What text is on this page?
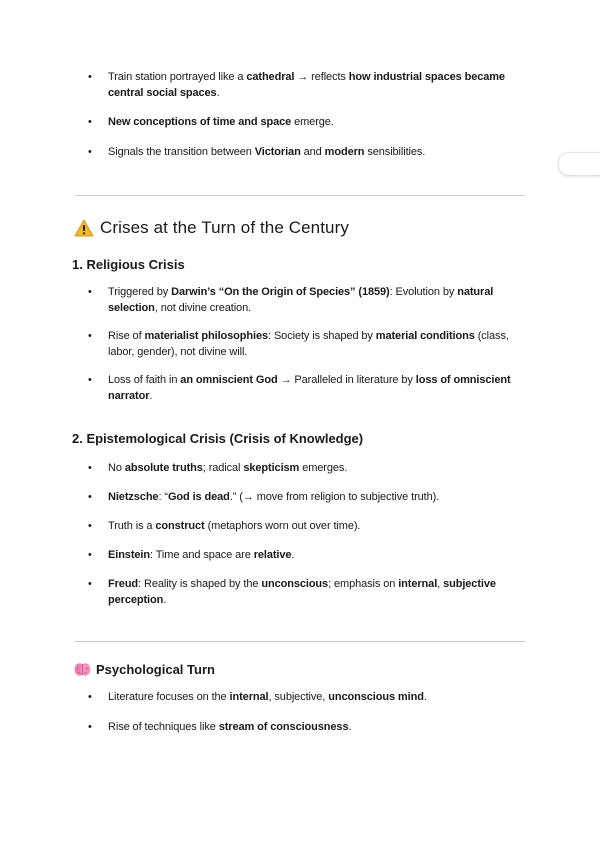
• Train station portrayed like a cathedral → reflects how industrial spaces became central social spaces.
• New conceptions of time and space emerge.
• Signals the transition between Victorian and modern sensibilities.
Crises at the Turn of the Century
1. Religious Crisis
• Triggered by Darwin’s “On the Origin of Species” (1859): Evolution by natural selection, not divine creation.
• Rise of materialist philosophies: Society is shaped by material conditions (class, labor, gender), not divine will.
• Loss of faith in an omniscient God → Paralleled in literature by loss of omniscient narrator.
2. Epistemological Crisis (Crisis of Knowledge)
• No absolute truths; radical skepticism emerges.
• Nietzsche: “God is dead.” (→ move from religion to subjective truth).
• Truth is a construct (metaphors worn out over time).
• Einstein: Time and space are relative.
• Freud: Reality is shaped by the unconscious; emphasis on internal, subjective perception.
Psychological Turn
• Literature focuses on the internal, subjective, unconscious mind.
• Rise of techniques like stream of consciousness.
